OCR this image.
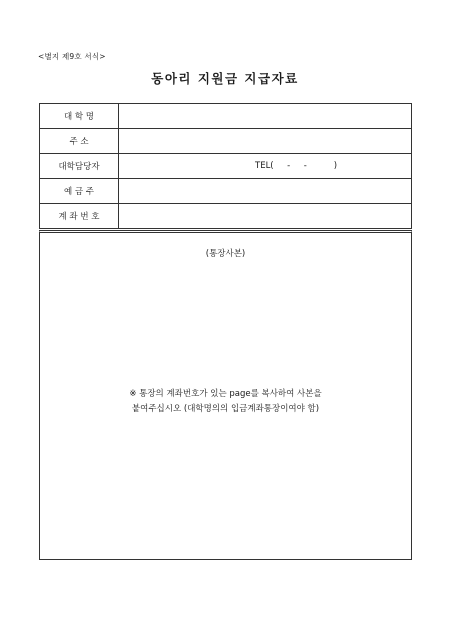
<별지 제9호 서식>
동아리 지원금 지급자료
대 학 명	
주 소	
대학담당자	TEL(     -     -          )

예 금 주	
계 좌 번 호	
(통장사본)
※ 통장의 계좌번호가 있는 page를 복사하여 사본을
붙여주십시오 (대학명의의 입금계좌통장이여야 함)
